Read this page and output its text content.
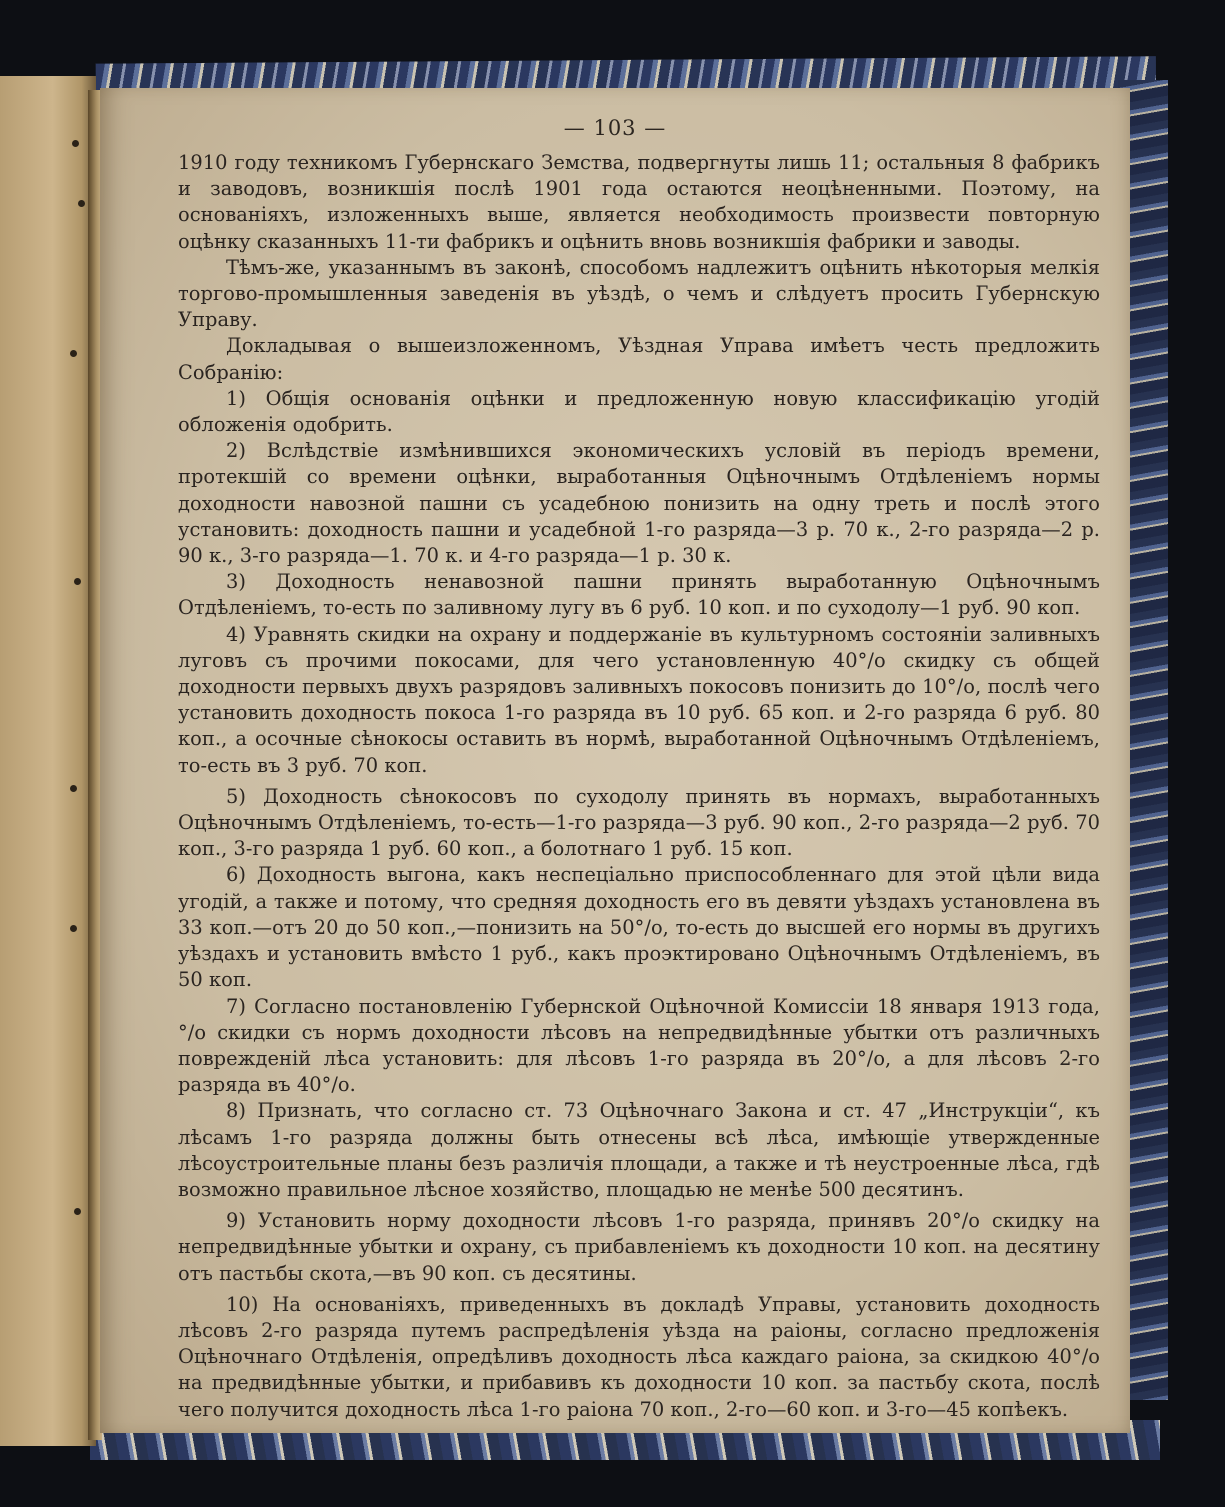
— 103 —

1910 году техникомъ Губернскаго Земства, подвергнуты лишь 11; остальныя 8 фабрикъ и заводовъ, возникшія послѣ 1901 года остаются неоцѣненными. Поэтому, на основаніяхъ, изложенныхъ выше, является необходимость произвести повторную оцѣнку сказанныхъ 11-ти фабрикъ и оцѣнить вновь возникшія фабрики и заводы.

Тѣмъ-же, указаннымъ въ законѣ, способомъ надлежитъ оцѣнить нѣкоторыя мелкія торгово-промышленныя заведенія въ уѣздѣ, о чемъ и слѣдуетъ просить Губернскую Управу.

Докладывая о вышеизложенномъ, Уѣздная Управа имѣетъ честь предложить Собранію:

1) Общія основанія оцѣнки и предложенную новую классификацію угодій обложенія одобрить.

2) Вслѣдствіе измѣнившихся экономическихъ условій въ періодъ времени, протекшій со времени оцѣнки, выработанныя Оцѣночнымъ Отдѣленіемъ нормы доходности навозной пашни съ усадебною понизить на одну треть и послѣ этого установить: доходность пашни и усадебной 1-го разряда—3 р. 70 к., 2-го разряда—2 р. 90 к., 3-го разряда—1. 70 к. и 4-го разряда—1 р. 30 к.

3) Доходность ненавозной пашни принять выработанную Оцѣночнымъ Отдѣленіемъ, то-есть по заливному лугу въ 6 руб. 10 коп. и по суходолу—1 руб. 90 коп.

4) Уравнять скидки на охрану и поддержаніе въ культурномъ состояніи заливныхъ луговъ съ прочими покосами, для чего установленную 40°/о скидку съ общей доходности первыхъ двухъ разрядовъ заливныхъ покосовъ понизить до 10°/о, послѣ чего установить доходность покоса 1-го разряда въ 10 руб. 65 коп. и 2-го разряда 6 руб. 80 коп., а осочные сѣнокосы оставить въ нормѣ, выработанной Оцѣночнымъ Отдѣленіемъ, то-есть въ 3 руб. 70 коп.

5) Доходность сѣнокосовъ по суходолу принять въ нормахъ, выработанныхъ Оцѣночнымъ Отдѣленіемъ, то-есть—1-го разряда—3 руб. 90 коп., 2-го разряда—2 руб. 70 коп., 3-го разряда 1 руб. 60 коп., а болотнаго 1 руб. 15 коп.

6) Доходность выгона, какъ неспеціально приспособленнаго для этой цѣли вида угодій, а также и потому, что средняя доходность его въ девяти уѣздахъ установлена въ 33 коп.—отъ 20 до 50 коп.,—понизить на 50°/о, то-есть до высшей его нормы въ другихъ уѣздахъ и установить вмѣсто 1 руб., какъ проэктировано Оцѣночнымъ Отдѣленіемъ, въ 50 коп.

7) Согласно постановленію Губернской Оцѣночной Комиссіи 18 января 1913 года, °/о скидки съ нормъ доходности лѣсовъ на непредвидѣнные убытки отъ различныхъ поврежденій лѣса установить: для лѣсовъ 1-го разряда въ 20°/о, а для лѣсовъ 2-го разряда въ 40°/о.

8) Признать, что согласно ст. 73 Оцѣночнаго Закона и ст. 47 „Инструкціи“, къ лѣсамъ 1-го разряда должны быть отнесены всѣ лѣса, имѣющіе утвержденные лѣсоустроительные планы безъ различія площади, а также и тѣ неустроенные лѣса, гдѣ возможно правильное лѣсное хозяйство, площадью не менѣе 500 десятинъ.

9) Установить норму доходности лѣсовъ 1-го разряда, принявъ 20°/о скидку на непредвидѣнные убытки и охрану, съ прибавленіемъ къ доходности 10 коп. на десятину отъ пастьбы скота,—въ 90 коп. съ десятины.

10) На основаніяхъ, приведенныхъ въ докладѣ Управы, установить доходность лѣсовъ 2-го разряда путемъ распредѣленія уѣзда на раіоны, согласно предложенія Оцѣночнаго Отдѣленія, опредѣливъ доходность лѣса каждаго раіона, за скидкою 40°/о на предвидѣнные убытки, и прибавивъ къ доходности 10 коп. за пастьбу скота, послѣ чего получится доходность лѣса 1-го раіона 70 коп., 2-го—60 коп. и 3-го—45 копѣекъ.
